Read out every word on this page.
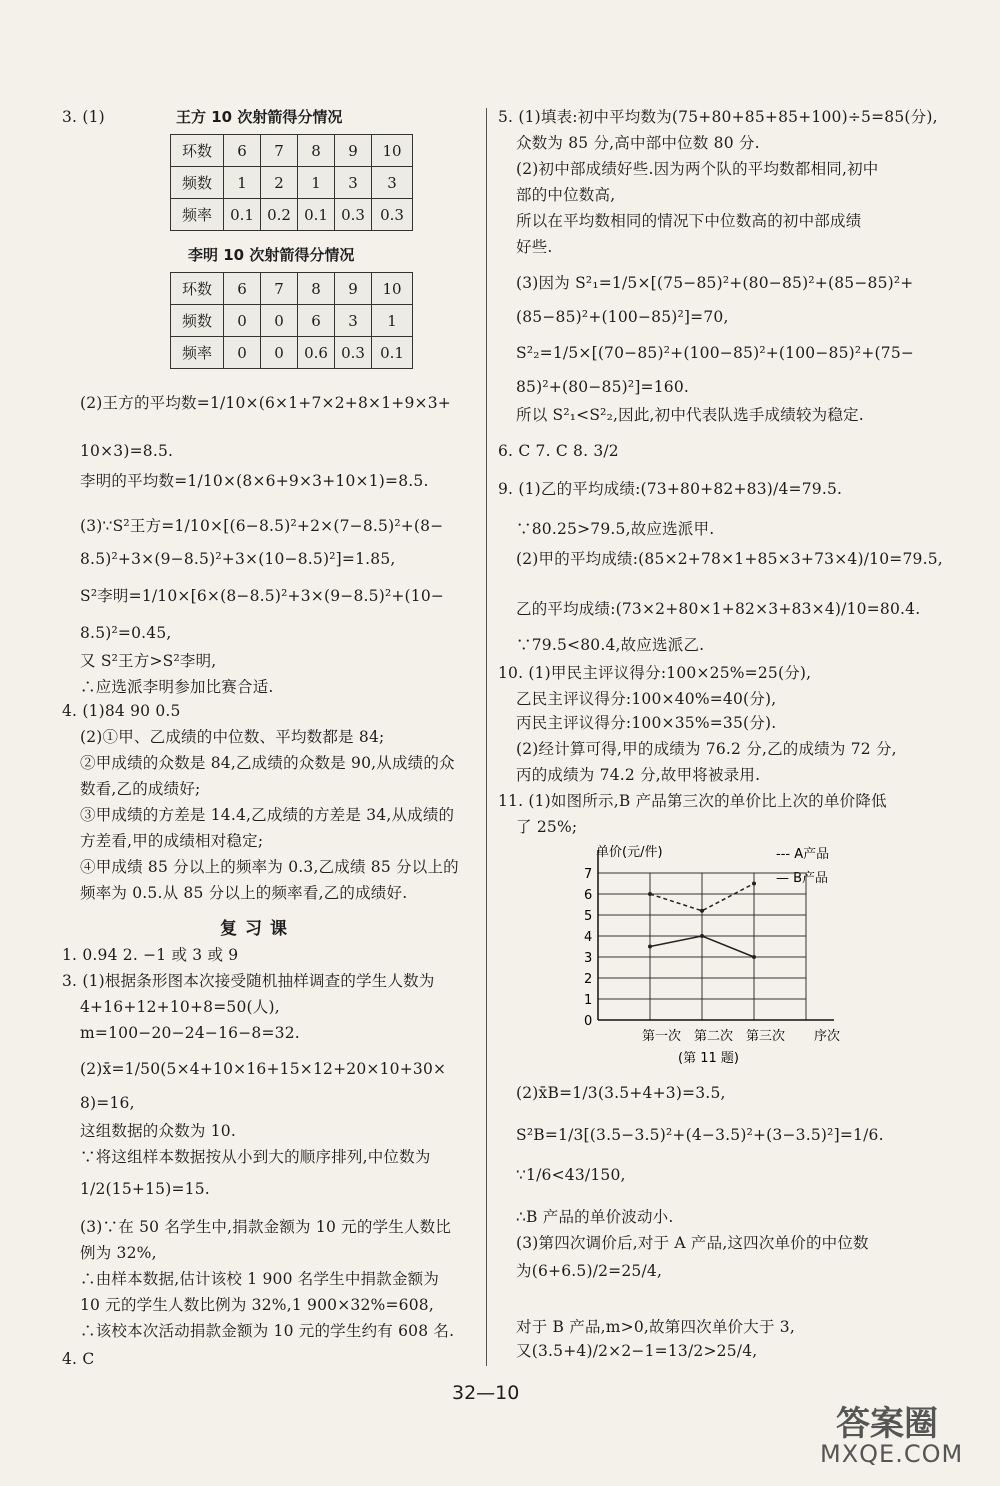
3. (1)	王方 10 次射箭得分情况
环数	6	7	8	9	10
频数	1	2	1	3	3
频率	0.1	0.2	0.1	0.3	0.3
李明 10 次射箭得分情况
环数	6	7	8	9	10
频数	0	0	6	3	1
频率	0	0	0.6	0.3	0.1
(2)王方的平均数=1/10×(6×1+7×2+8×1+9×3+
10×3)=8.5.
李明的平均数=1/10×(8×6+9×3+10×1)=8.5.
(3)∵S²王方=1/10×[(6−8.5)²+2×(7−8.5)²+(8−
8.5)²+3×(9−8.5)²+3×(10−8.5)²]=1.85,
S²李明=1/10×[6×(8−8.5)²+3×(9−8.5)²+(10−
8.5)²=0.45,
又 S²王方>S²李明,
∴应选派李明参加比赛合适.
4. (1)84 90 0.5
(2)①甲、乙成绩的中位数、平均数都是 84;
②甲成绩的众数是 84,乙成绩的众数是 90,从成绩的众
数看,乙的成绩好;
③甲成绩的方差是 14.4,乙成绩的方差是 34,从成绩的
方差看,甲的成绩相对稳定;
④甲成绩 85 分以上的频率为 0.3,乙成绩 85 分以上的
频率为 0.5.从 85 分以上的频率看,乙的成绩好.
复习课
1. 0.94 2. −1 或 3 或 9
3. (1)根据条形图本次接受随机抽样调查的学生人数为
4+16+12+10+8=50(人),
m=100−20−24−16−8=32.
(2)x̄=1/50(5×4+10×16+15×12+20×10+30×
8)=16,
这组数据的众数为 10.
∵将这组样本数据按从小到大的顺序排列,中位数为
1/2(15+15)=15.
(3)∵在 50 名学生中,捐款金额为 10 元的学生人数比
例为 32%,
∴由样本数据,估计该校 1 900 名学生中捐款金额为
10 元的学生人数比例为 32%,1 900×32%=608,
∴该校本次活动捐款金额为 10 元的学生约有 608 名.
4. C
5. (1)填表:初中平均数为(75+80+85+85+100)÷5=85(分),
众数为 85 分,高中部中位数 80 分.
(2)初中部成绩好些.因为两个队的平均数都相同,初中
部的中位数高,
所以在平均数相同的情况下中位数高的初中部成绩
好些.
(3)因为 S²₁=1/5×[(75−85)²+(80−85)²+(85−85)²+
(85−85)²+(100−85)²]=70,
S²₂=1/5×[(70−85)²+(100−85)²+(100−85)²+(75−
85)²+(80−85)²]=160.
所以 S²₁<S²₂,因此,初中代表队选手成绩较为稳定.
6. C 7. C 8. 3/2
9. (1)乙的平均成绩:(73+80+82+83)/4=79.5.
∵80.25>79.5,故应选派甲.
(2)甲的平均成绩:(85×2+78×1+85×3+73×4)/10=79.5,
乙的平均成绩:(73×2+80×1+82×3+83×4)/10=80.4.
∵79.5<80.4,故应选派乙.
10. (1)甲民主评议得分:100×25%=25(分),
乙民主评议得分:100×40%=40(分),
丙民主评议得分:100×35%=35(分).
(2)经计算可得,甲的成绩为 76.2 分,乙的成绩为 72 分,
丙的成绩为 74.2 分,故甲将被录用.
11. (1)如图所示,B 产品第三次的单价比上次的单价降低
了 25%;
单价(元/件)	--- A产品
— B产品
0
1
2
3
4
5
6
7
第一次 第二次 第三次 序次
(第 11 题)
(2)x̄B=1/3(3.5+4+3)=3.5,
S²B=1/3[(3.5−3.5)²+(4−3.5)²+(3−3.5)²]=1/6.
∵1/6<43/150,
∴B 产品的单价波动小.
(3)第四次调价后,对于 A 产品,这四次单价的中位数
为(6+6.5)/2=25/4,
对于 B 产品,m>0,故第四次单价大于 3,
又(3.5+4)/2×2−1=13/2>25/4,
32—10
答案圈
MXQE.COM
